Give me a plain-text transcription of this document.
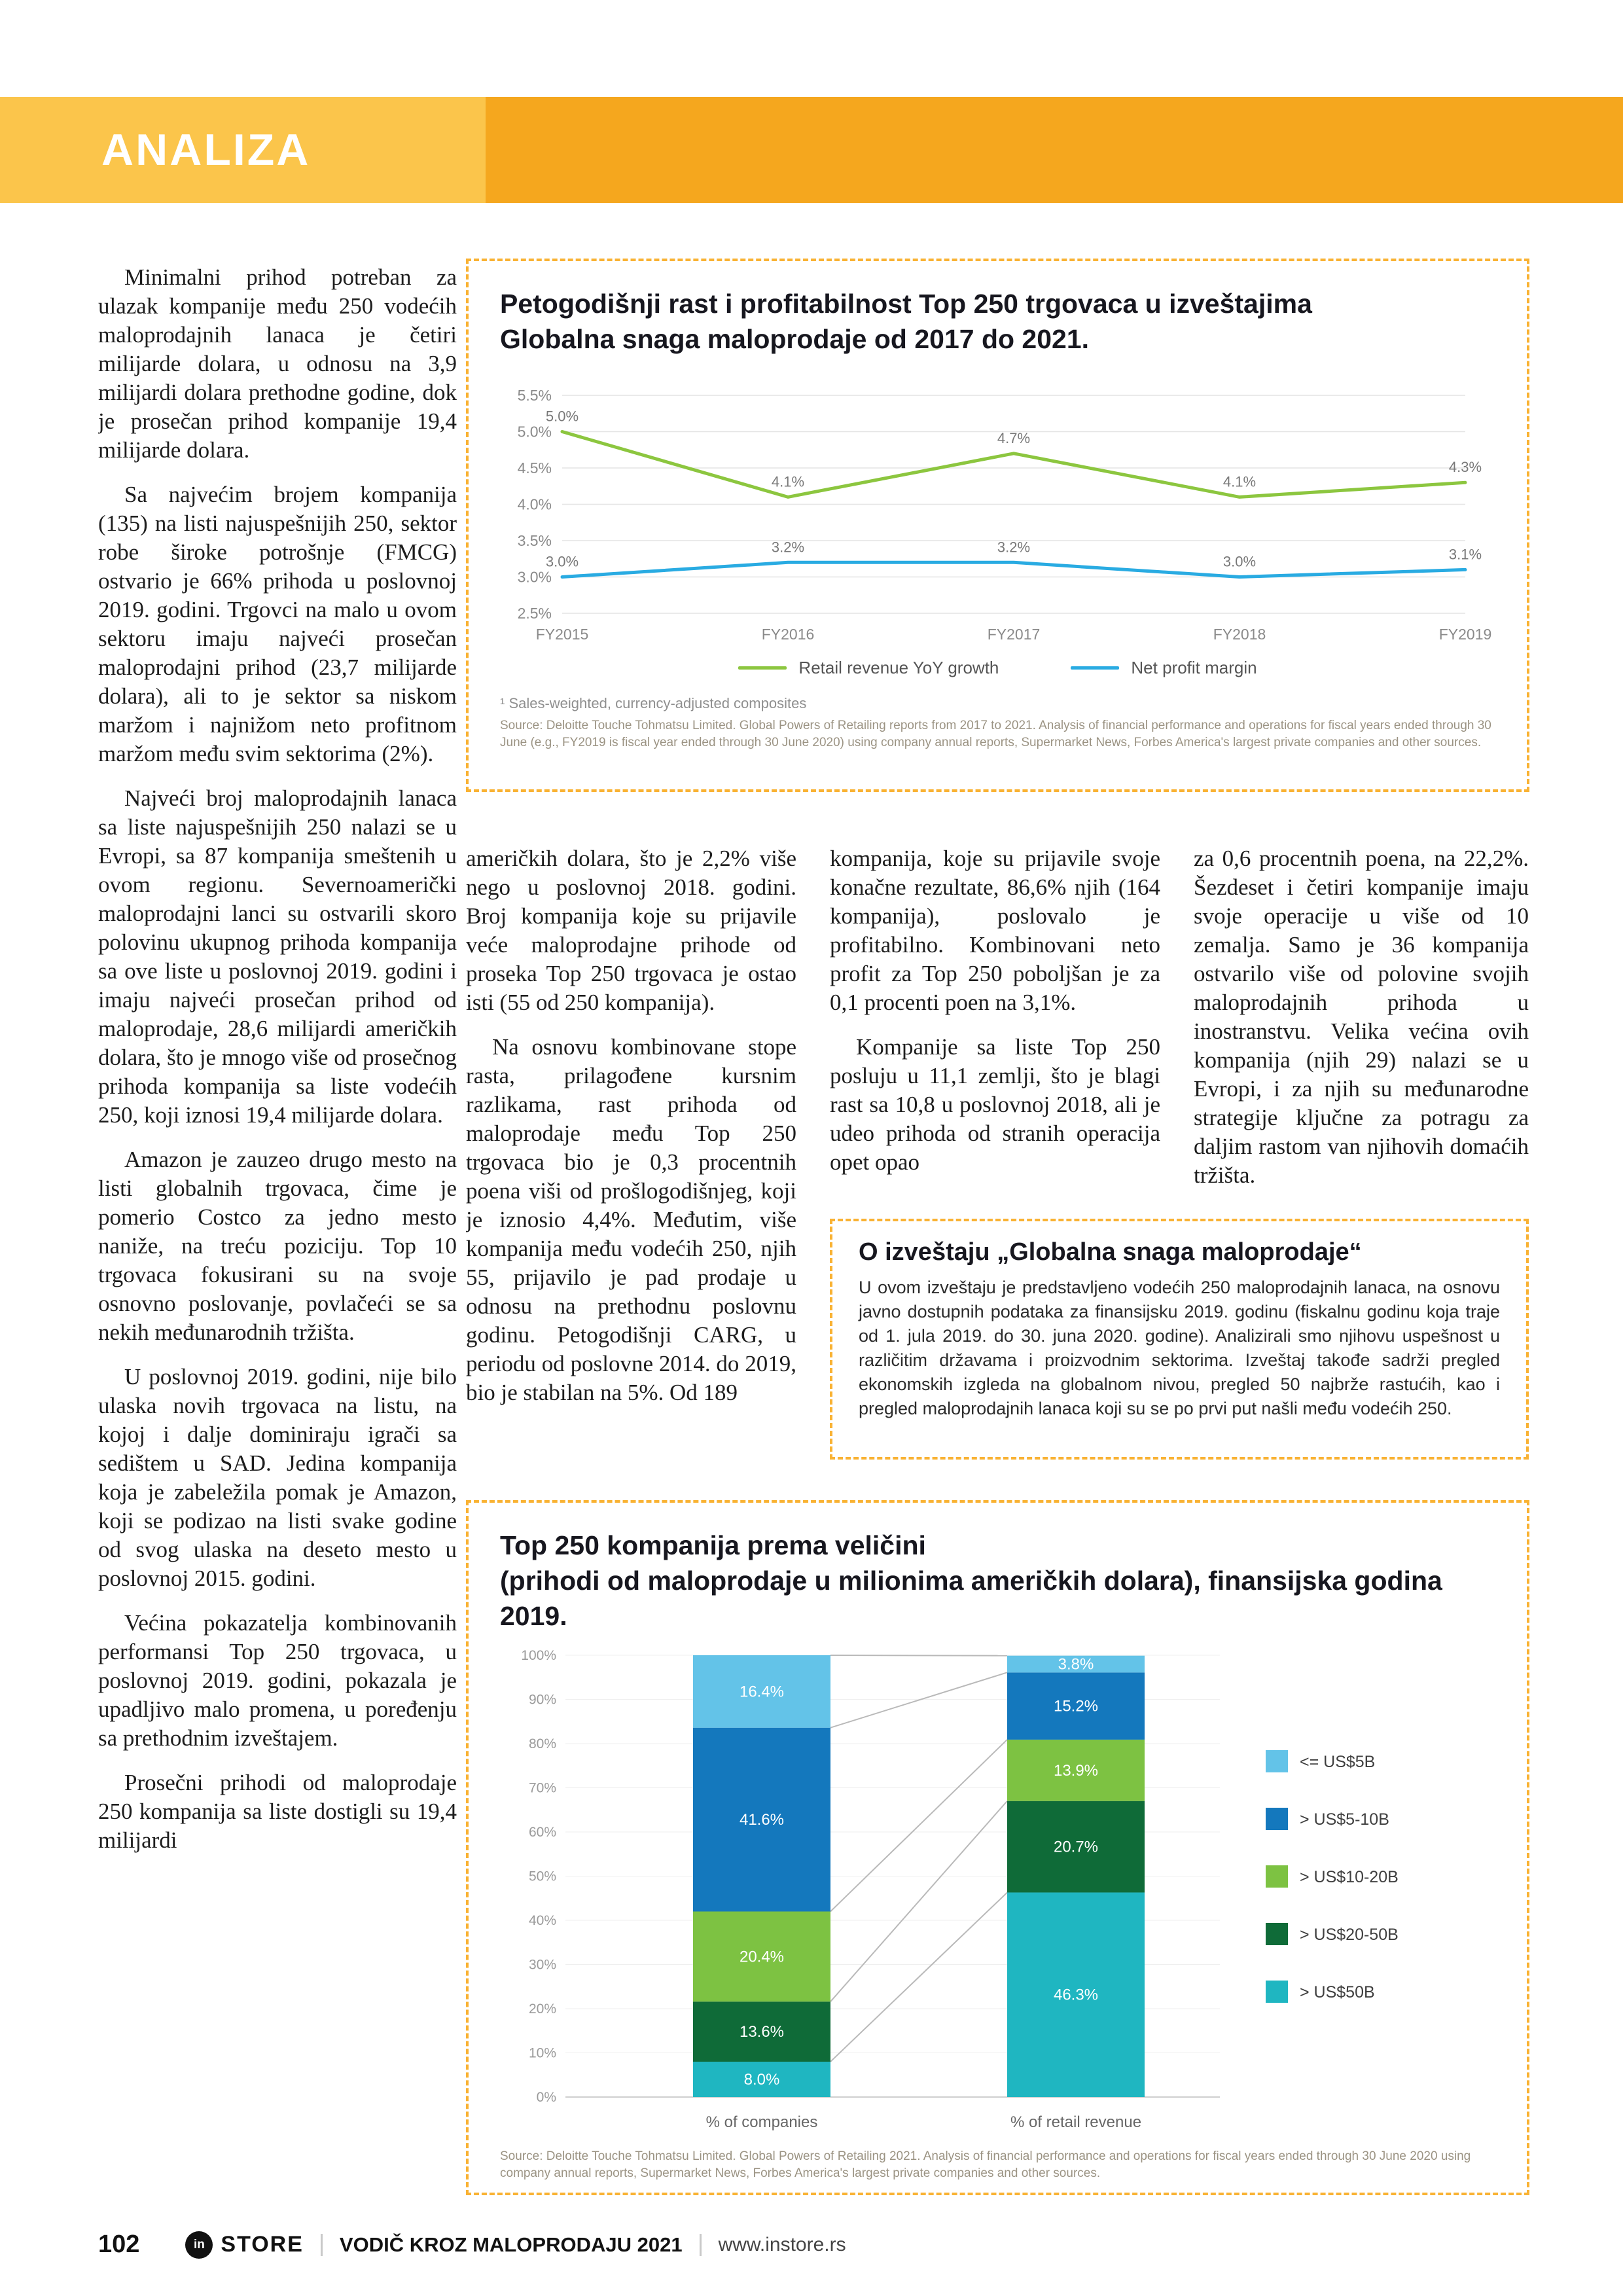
ANALIZA

Minimalni prihod potreban za ulazak kompanije među 250 vodećih maloprodajnih lanaca je četiri milijarde dolara, u odnosu na 3,9 milijardi dolara prethodne godine, dok je prosečan prihod kompanije 19,4 milijarde dolara.

Sa najvećim brojem kompanija (135) na listi najuspešnijih 250, sektor robe široke potrošnje (FMCG) ostvario je 66% prihoda u poslovnoj 2019. godini. Trgovci na malo u ovom sektoru imaju najveći prosečan maloprodajni prihod (23,7 milijarde dolara), ali to je sektor sa niskom maržom i najnižom neto profitnom maržom među svim sektorima (2%).

Najveći broj maloprodajnih lanaca sa liste najuspešnijih 250 nalazi se u Evropi, sa 87 kompanija smeštenih u ovom regionu. Severnoamerički maloprodajni lanci su ostvarili skoro polovinu ukupnog prihoda kompanija sa ove liste u poslovnoj 2019. godini i imaju najveći prosečan prihod od maloprodaje, 28,6 milijardi američkih dolara, što je mnogo više od prosečnog prihoda kompanija sa liste vodećih 250, koji iznosi 19,4 milijarde dolara.

Amazon je zauzeo drugo mesto na listi globalnih trgovaca, čime je pomerio Costco za jedno mesto naniže, na treću poziciju. Top 10 trgovaca fokusirani su na svoje osnovno poslovanje, povlačeći se sa nekih međunarodnih tržišta.

U poslovnoj 2019. godini, nije bilo ulaska novih trgovaca na listu, na kojoj i dalje dominiraju igrači sa sedištem u SAD. Jedina kompanija koja je zabeležila pomak je Amazon, koji se podizao na listi svake godine od svog ulaska na deseto mesto u poslovnoj 2015. godini.

Većina pokazatelja kombinovanih performansi Top 250 trgovaca, u poslovnoj 2019. godini, pokazala je upadljivo malo promena, u poređenju sa prethodnim izveštajem.

Prosečni prihodi od maloprodaje 250 kompanija sa liste dostigli su 19,4 milijardi

Petogodišnji rast i profitabilnost Top 250 trgovaca u izveštajima
Globalna snaga maloprodaje od 2017 do 2021.
2.5%
3.0%
3.5%
4.0%
4.5%
5.0%
5.5%
FY2015	FY2016	FY2017	FY2018	FY2019
5.0%
4.1%
4.7%
4.1%
4.3%
3.0%
3.2%	3.2%
3.0%	3.1%
Retail revenue YoY growth	Net profit margin
¹ Sales-weighted, currency-adjusted composites
Source: Deloitte Touche Tohmatsu Limited. Global Powers of Retailing reports from 2017 to 2021. Analysis of financial performance and operations for fiscal years ended through 30 June (e.g., FY2019 is fiscal year ended through 30 June 2020) using company annual reports, Supermarket News, Forbes America's largest private companies and other sources.

američkih dolara, što je 2,2% više nego u poslovnoj 2018. godini. Broj kompanija koje su prijavile veće maloprodajne prihode od proseka Top 250 trgovaca je ostao isti (55 od 250 kompanija).

Na osnovu kombinovane stope rasta, prilagođene kursnim razlikama, rast prihoda od maloprodaje među Top 250 trgovaca bio je 0,3 procentnih poena viši od prošlogodišnjeg, koji je iznosio 4,4%. Međutim, više kompanija među vodećih 250, njih 55, prijavilo je pad prodaje u odnosu na prethodnu poslovnu godinu. Petogodišnji CARG, u periodu od poslovne 2014. do 2019, bio je stabilan na 5%. Od 189

kompanija, koje su prijavile svoje konačne rezultate, 86,6% njih (164 kompanija), poslovalo je profitabilno. Kombinovani neto profit za Top 250 poboljšan je za 0,1 procenti poen na 3,1%.

Kompanije sa liste Top 250 posluju u 11,1 zemlji, što je blagi rast sa 10,8 u poslovnoj 2018, ali je udeo prihoda od stranih operacija opet opao

za 0,6 procentnih poena, na 22,2%. Šezdeset i četiri kompanije imaju svoje operacije u više od 10 zemalja. Samo je 36 kompanija ostvarilo više od polovine svojih maloprodajnih prihoda u inostranstvu. Velika većina ovih kompanija (njih 29) nalazi se u Evropi, i za njih su međunarodne strategije ključne za potragu za daljim rastom van njihovih domaćih tržišta.

O izveštaju „Globalna snaga maloprodaje“

U ovom izveštaju je predstavljeno vodećih 250 maloprodajnih lanaca, na osnovu javno dostupnih podataka za finansijsku 2019. godinu (fiskalnu godinu koja traje od 1. jula 2019. do 30. juna 2020. godine). Analizirali smo njihovu uspešnost u različitim državama i proizvodnim sektorima. Izveštaj takođe sadrži pregled ekonomskih izgleda na globalnom nivou, pregled 50 najbrže rastućih, kao i pregled maloprodajnih lanaca koji su se po prvi put našli među vodećih 250.

Top 250 kompanija prema veličini
(prihodi od maloprodaje u milionima američkih dolara), finansijska godina 2019.
0%
10%
20%
30%
40%
50%
60%
70%
80%
90%
100%
8.0%
46.3%
13.6%
20.7%
20.4%
13.9%
41.6%
15.2%
16.4%
3.8%
% of companies	% of retail revenue
<= US$5B
> US$5-10B
> US$10-20B
> US$20-50B
> US$50B
Source: Deloitte Touche Tohmatsu Limited. Global Powers of Retailing 2021. Analysis of financial performance and operations for fiscal years ended through 30 June 2020 using company annual reports, Supermarket News, Forbes America's largest private companies and other sources.
102	in STORE VODIČ KROZ MALOPRODAJU 2021 www.instore.rs
